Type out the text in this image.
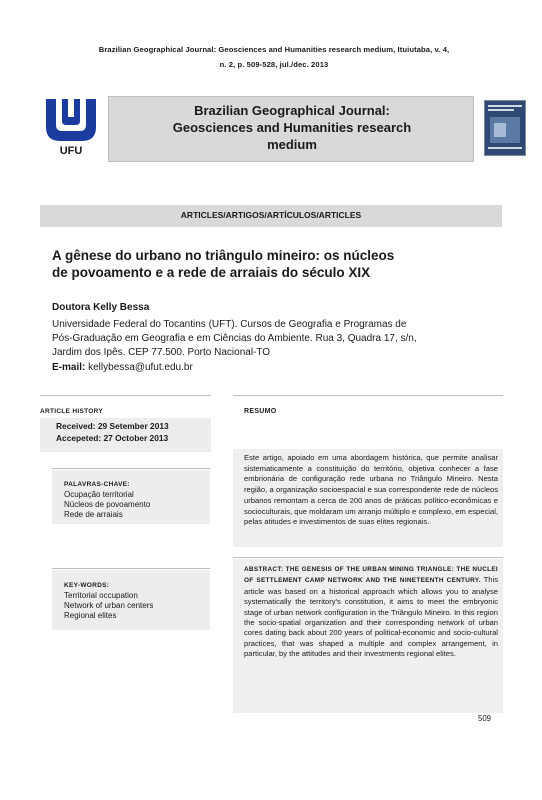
Brazilian Geographical Journal: Geosciences and Humanities research medium, Ituiutaba, v. 4,
n. 2, p. 509-528, jul./dec. 2013
UFU
Brazilian Geographical Journal:
Geosciences and Humanities research
medium
ARTICLES/ARTIGOS/ARTÍCULOS/ARTICLES
A gênese do urbano no triângulo mineiro: os núcleos
de povoamento e a rede de arraiais do século XIX
Doutora Kelly Bessa
Universidade Federal do Tocantins (UFT). Cursos de Geografia e Programas de
Pós-Graduação em Geografia e em Ciências do Ambiente. Rua 3, Quadra 17, s/n,
Jardim dos Ipês. CEP 77.500. Porto Nacional-TO
E-mail: kellybessa@ufut.edu.br
ARTICLE HISTORY
Received: 29 Setember 2013
Accepeted: 27 October 2013
PALAVRAS-CHAVE:
Ocupação territorial
Núcleos de povoamento
Rede de arraiais
KEY-WORDS:
Territorial occupation
Network of urban centers
Regional elites
RESUMO
Este artigo, apoiado em uma abordagem histórica, que permite analisar sistematicamente a constituição do território, objetiva conhecer a fase embrionária de configuração rede urbana no Triângulo Mineiro. Nesta região, a organização socioespacial e sua correspondente rede de núcleos urbanos remontam a cerca de 200 anos de práticas político-econômicas e socioculturais, que moldaram um arranjo múltiplo e complexo, em especial, pelas atitudes e investimentos de suas elites regionais.
ABSTRACT: THE GENESIS OF THE URBAN MINING TRIANGLE: THE NUCLEI OF SETTLEMENT CAMP NETWORK AND THE NINETEENTH CENTURY. This article was based on a historical approach which allows you to analyse systematically the territory's constitution, it aims to meet the embryonic stage of urban network configuration in the Triângulo Mineiro. In this region the socio-spatial organization and their corresponding network of urban cores dating back about 200 years of political-economic and socio-cultural practices, that was shaped a multiple and complex arrangement, in particular, by the attitudes and their investments regional elites.
509
